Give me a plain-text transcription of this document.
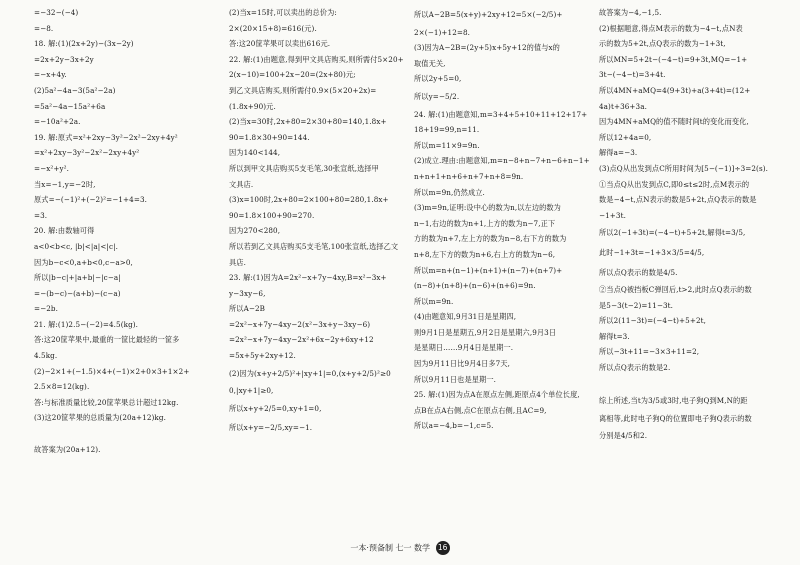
=−32−(−4)
=−8.
18. 解:(1)(2x+2y)−(3x−2y)
=2x+2y−3x+2y
=−x+4y.
(2)5a²−4a−3(5a²−2a)
=5a²−4a−15a²+6a
=−10a²+2a.
19. 解:原式=x²+2xy−3y²−2x²−2xy+4y²
=x²+2xy−3y²−2x²−2xy+4y²
=−x²+y².
当x=−1,y=−2时,
原式=−(−1)²+(−2)²=−1+4=3.
=3.
20. 解:由数轴可得
a<0<b<c, |b|<|a|<|c|.
因为b−c<0,a+b<0,c−a>0,
所以|b−c|+|a+b|−|c−a|
=−(b−c)−(a+b)−(c−a)
=−2b.
21. 解:(1)2.5−(−2)=4.5(kg).
答:这20筐苹果中,最重的一筐比最轻的一筐多
4.5kg.
(2)−2×1+(−1.5)×4+(−1)×2+0×3+1×2+
2.5×8=12(kg).
答:与标准质量比较,20筐苹果总计超过12kg.
(3)这20筐苹果的总质量为(20a+12)kg.
故答案为(20a+12).
(2)当x=15时,可以卖出的总价为:
2×(20×15+8)=616(元).
答:这20筐苹果可以卖出616元.
22. 解:(1)由题意,得到甲文具店购买,则所需付5×20+
2(x−10)=100+2x−20=(2x+80)元;
到乙文具店购买,则所需付0.9×(5×20+2x)=
(1.8x+90)元.
(2)当x=30时,2x+80=2×30+80=140,1.8x+
90=1.8×30+90=144.
因为140<144,
所以到甲文具店购买5支毛笔,30张宣纸,选择甲
文具店.
(3)x=100时,2x+80=2×100+80=280,1.8x+
90=1.8×100+90=270.
因为270<280,
所以若到乙文具店购买5支毛笔,100张宣纸,选择乙文
具店.
23. 解:(1)因为A=2x²−x+7y−4xy,B=x²−3x+
y−3xy−6,
所以A−2B
=2x²−x+7y−4xy−2(x²−3x+y−3xy−6)
=2x²−x+7y−4xy−2x²+6x−2y+6xy+12
=5x+5y+2xy+12.
(2)因为(x+y+2/5)²+|xy+1|=0,(x+y+2/5)²≥0
0,|xy+1|≥0,
所以x+y+2/5=0,xy+1=0,
所以x+y=−2/5,xy=−1.
所以A−2B=5(x+y)+2xy+12=5×(−2/5)+
2×(−1)+12=8.
(3)因为A−2B=(2y+5)x+5y+12的值与x的
取值无关,
所以2y+5=0,
所以y=−5/2.
24. 解:(1)由题意知,m=3+4+5+10+11+12+17+
18+19=99,n=11.
所以m=11×9=9n.
(2)成立.理由:由题意知,m=n−8+n−7+n−6+n−1+
n+n+1+n+6+n+7+n+8=9n.
所以m=9n,仍然成立.
(3)m=9n,证明:设中心的数为n,以左边的数为
n−1,右边的数为n+1,上方的数为n−7,正下
方的数为n+7,左上方的数为n−8,右下方的数为
n+8,左下方的数为n+6,右上方的数为n−6,
所以m=n+(n−1)+(n+1)+(n−7)+(n+7)+
(n−8)+(n+8)+(n−6)+(n+6)=9n.
所以m=9n.
(4)由题意知,9月31日是星期四,
则9月1日是星期五,9月2日是星期六,9月3日
是星期日……9月4日是星期一.
因为9月11日比9月4日多7天,
所以9月11日也是星期一.
25. 解:(1)因为点A在原点左侧,距原点4个单位长度,
点B在点A右侧,点C在原点右侧,且AC=9,
所以a=−4,b=−1,c=5.
故答案为−4,−1,5.
(2)根据题意,得点M表示的数为−4−t,点N表
示的数为5+2t,点Q表示的数为−1+3t,
所以MN=5+2t−(−4−t)=9+3t,MQ=−1+
3t−(−4−t)=3+4t.
所以4MN+aMQ=4(9+3t)+a(3+4t)=(12+
4a)t+36+3a.
因为4MN+aMQ的值不随时间t的变化而变化,
所以12+4a=0,
解得a=−3.
(3)点Q从出发到点C所用时间为[5−(−1)]÷3=2(s).
①当点Q从出发到点C,即0≤t≤2时,点M表示的
数是−4−t,点N表示的数是5+2t,点Q表示的数是
−1+3t.
所以2(−1+3t)=(−4−t)+5+2t,解得t=3/5,
此时−1+3t=−1+3×3/5=4/5,
所以点Q表示的数是4/5.
②当点Q被挡板C弹回后,t>2,此时点Q表示的数
是5−3(t−2)=11−3t.
所以2(11−3t)=(−4−t)+5+2t,
解得t=3.
所以−3t+11=−3×3+11=2,
所以点Q表示的数是2.
综上所述,当t为3/5或3时,电子狗Q到M,N的距
离相等,此时电子狗Q的位置即电子狗Q表示的数
分别是4/5和2.
一本·预备制 七一 数学 16
